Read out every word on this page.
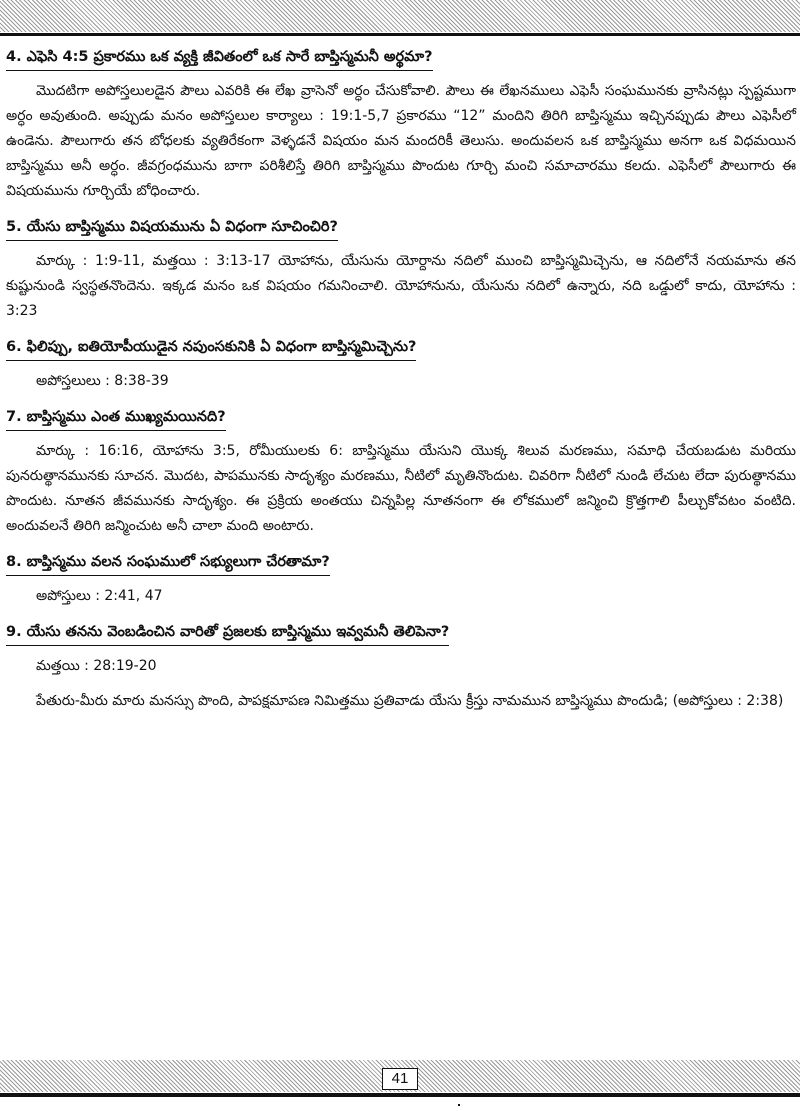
4. ఎఫెసి 4:5 ప్రకారము ఒక వ్యక్తి జీవితంలో ఒక సారే బాప్తిస్మమనీ అర్థమా?

మొదటిగా అపోస్తలులడైన పౌలు ఎవరికి ఈ లేఖ వ్రాసెనో అర్ధం చేసుకోవాలి. పౌలు ఈ లేఖనములు ఎఫెసీ సంఘమునకు వ్రాసినట్లు స్పష్టముగా అర్ధం అవుతుంది. అప్పుడు మనం అపోస్తలుల కార్యాలు : 19:1-5,7 ప్రకారము “12” మందిని తిరిగి బాప్తిస్మము ఇచ్చినప్పుడు పౌలు ఎఫెసీలో ఉండెను. పౌలుగారు తన బోధలకు వ్యతిరేకంగా వెళ్ళడనే విషయం మన మందరికీ తెలుసు. అందువలన ఒక బాప్తిస్మము అనగా ఒక విధమయిన బాప్తిస్మము అనీ అర్ధం. జీవగ్రంధమును బాగా పరిశీలిస్తే తిరిగి బాప్తిస్మము పొందుట గూర్చి మంచి సమాచారము కలదు. ఎఫెసీలో పౌలుగారు ఈ విషయమును గూర్చియే బోధించారు.

5. యేసు బాప్తిస్మము విషయమును ఏ విధంగా సూచించిరి?

మార్కు : 1:9-11, మత్తయి : 3:13-17 యోహాను, యేసును యోర్దాను నదిలో ముంచి బాప్తిస్మమిచ్చెను, ఆ నదిలోనే నయమాను తన కుష్టునుండి స్వస్థతనొందెను. ఇక్కడ మనం ఒక విషయం గమనించాలి. యోహానును, యేసును నదిలో ఉన్నారు, నది ఒడ్డులో కాదు, యోహాను : 3:23

6. ఫిలిప్పు, ఐతియోపీయుడైన నపుంసకునికి ఏ విధంగా బాప్తిస్మమిచ్చెను?

అపోస్తలులు : 8:38-39

7. బాప్తిస్మము ఎంత ముఖ్యమయినది?

మార్కు : 16:16, యోహాను 3:5, రోమీయులకు 6: బాప్తిస్మము యేసుని యొక్క శిలువ మరణము, సమాధి చేయబడుట మరియు పునరుత్థానమునకు సూచన. మొదట, పాపమునకు సాదృశ్యం మరణము, నీటిలో మృతినొందుట. చివరిగా నీటిలో నుండి లేచుట లేదా పురుత్థానము పొందుట. నూతన జీవమునకు సాదృశ్యం. ఈ ప్రక్రియ అంతయు చిన్నపిల్ల నూతనంగా ఈ లోకములో జన్మించి క్రొత్తగాలి పీల్చుకోవటం వంటిది. అందువలనే తిరిగి జన్మించుట అనీ చాలా మంది అంటారు.

8. బాప్తిస్మము వలన సంఘములో సభ్యులుగా చేరతామా?

అపోస్తులు : 2:41, 47

9. యేసు తనను వెంబడించిన వారితో ప్రజలకు బాప్తిస్మము ఇవ్వమనీ తెలిపెనా?

మత్తయి : 28:19-20

పేతురు-మీరు మారు మనస్సు పొంది, పాపక్షమాపణ నిమిత్తము ప్రతివాడు యేసు క్రీస్తు నామమున బాప్తిస్మము పొందుడి; (అపోస్తులు : 2:38)

41
